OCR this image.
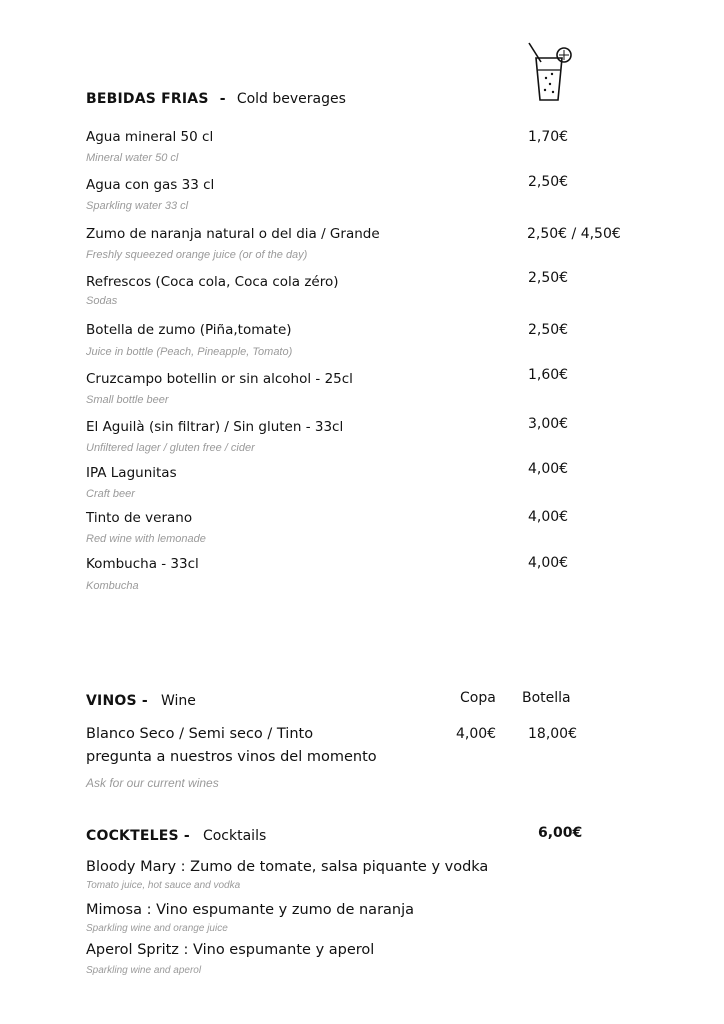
BEBIDAS FRIAS - Cold beverages
Agua mineral 50 cl
Mineral water 50 cl
1,70€
Agua con gas 33 cl
Sparkling water 33 cl
2,50€
Zumo de naranja natural o del dia / Grande
Freshly squeezed orange juice (or of the day)
2,50€ / 4,50€
Refrescos (Coca cola, Coca cola zéro)
Sodas
2,50€
Botella de zumo (Piña,tomate)
Juice in bottle (Peach, Pineapple, Tomato)
2,50€
Cruzcampo botellin or sin alcohol - 25cl
Small bottle beer
1,60€
El Aguilà (sin filtrar) / Sin gluten - 33cl
Unfiltered lager / gluten free / cider
3,00€
IPA Lagunitas
Craft beer
4,00€
Tinto de verano
Red wine with lemonade
4,00€
Kombucha - 33cl
Kombucha
4,00€
VINOS - Wine	Copa Botella
Blanco Seco / Semi seco / Tinto
pregunta a nuestros vinos del momento
Ask for our current wines
4,00€ 18,00€
COCKTELES - Cocktails	6,00€
Bloody Mary : Zumo de tomate, salsa piquante y vodka
Tomato juice, hot sauce and vodka
Mimosa : Vino espumante y zumo de naranja
Sparkling wine and orange juice
Aperol Spritz : Vino espumante y aperol
Sparkling wine and aperol
